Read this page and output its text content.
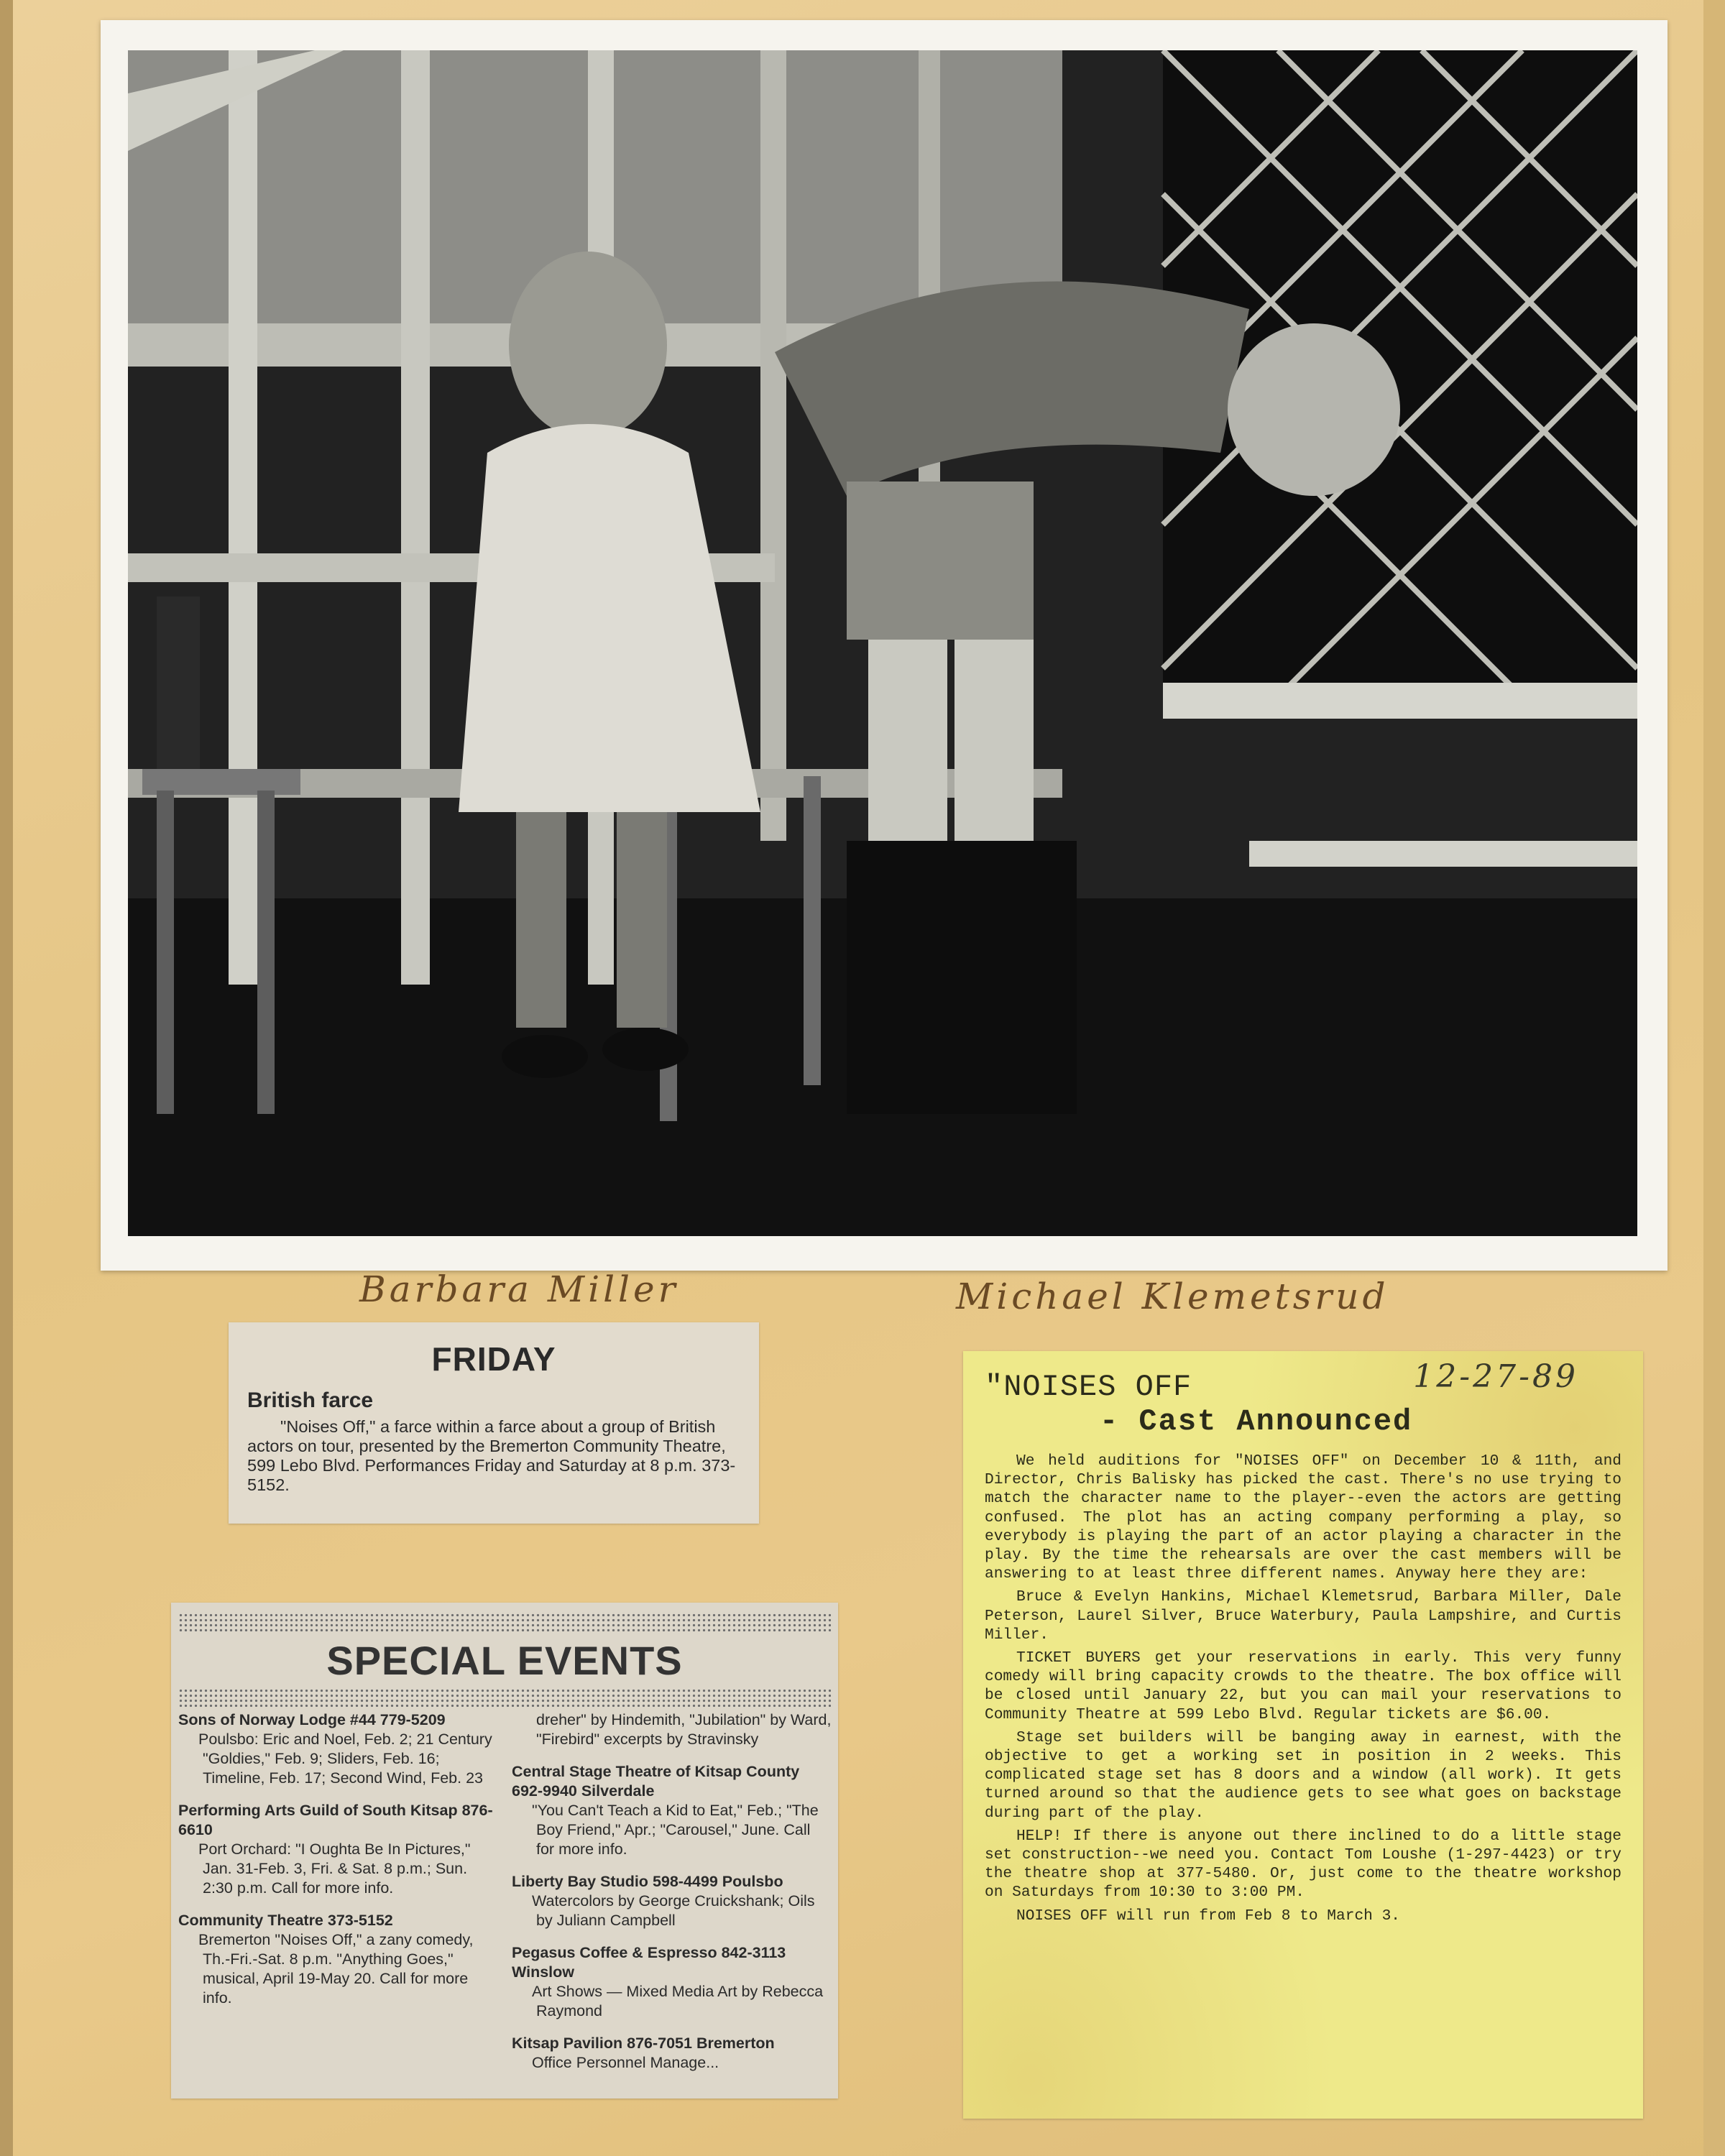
Barbara Miller	Michael Klemetsrud
FRIDAY
British farce

"Noises Off," a farce within a farce about a group of British actors on tour, presented by the Bremerton Community Theatre, 599 Lebo Blvd. Performances Friday and Saturday at 8 p.m. 373-5152.

SPECIAL EVENTS
Sons of Norway Lodge #44 779-5209
Poulsbo: Eric and Noel, Feb. 2; 21 Century "Goldies," Feb. 9; Sliders, Feb. 16; Timeline, Feb. 17; Second Wind, Feb. 23
Performing Arts Guild of South Kitsap 876-6610
Port Orchard: "I Oughta Be In Pictures," Jan. 31-Feb. 3, Fri. & Sat. 8 p.m.; Sun. 2:30 p.m. Call for more info.
Community Theatre 373-5152
Bremerton "Noises Off," a zany comedy, Th.-Fri.-Sat. 8 p.m. "Anything Goes," musical, April 19-May 20. Call for more info.
dreher" by Hindemith, "Jubilation" by Ward, "Firebird" excerpts by Stravinsky
Central Stage Theatre of Kitsap County 692-9940 Silverdale
"You Can't Teach a Kid to Eat," Feb.; "The Boy Friend," Apr.; "Carousel," June. Call for more info.
Liberty Bay Studio 598-4499 Poulsbo
Watercolors by George Cruickshank; Oils by Juliann Campbell
Pegasus Coffee & Espresso 842-3113 Winslow
Art Shows — Mixed Media Art by Rebecca Raymond
Kitsap Pavilion 876-7051 Bremerton
Office Personnel Manage...
12-27-89
"NOISES OFF
- Cast Announced

We held auditions for "NOISES OFF" on December 10 & 11th, and Director, Chris Balisky has picked the cast. There's no use trying to match the character name to the player--even the actors are getting confused. The plot has an acting company performing a play, so everybody is playing the part of an actor playing a character in the play. By the time the rehearsals are over the cast members will be answering to at least three different names. Anyway here they are:

Bruce & Evelyn Hankins, Michael Klemetsrud, Barbara Miller, Dale Peterson, Laurel Silver, Bruce Waterbury, Paula Lampshire, and Curtis Miller.

TICKET BUYERS get your reservations in early. This very funny comedy will bring capacity crowds to the theatre. The box office will be closed until January 22, but you can mail your reservations to Community Theatre at 599 Lebo Blvd. Regular tickets are $6.00.

Stage set builders will be banging away in earnest, with the objective to get a working set in position in 2 weeks. This complicated stage set has 8 doors and a window (all work). It gets turned around so that the audience gets to see what goes on backstage during part of the play.

HELP! If there is anyone out there inclined to do a little stage set construction--we need you. Contact Tom Loushe (1-297-4423) or try the theatre shop at 377-5480. Or, just come to the theatre workshop on Saturdays from 10:30 to 3:00 PM.

NOISES OFF will run from Feb 8 to March 3.
